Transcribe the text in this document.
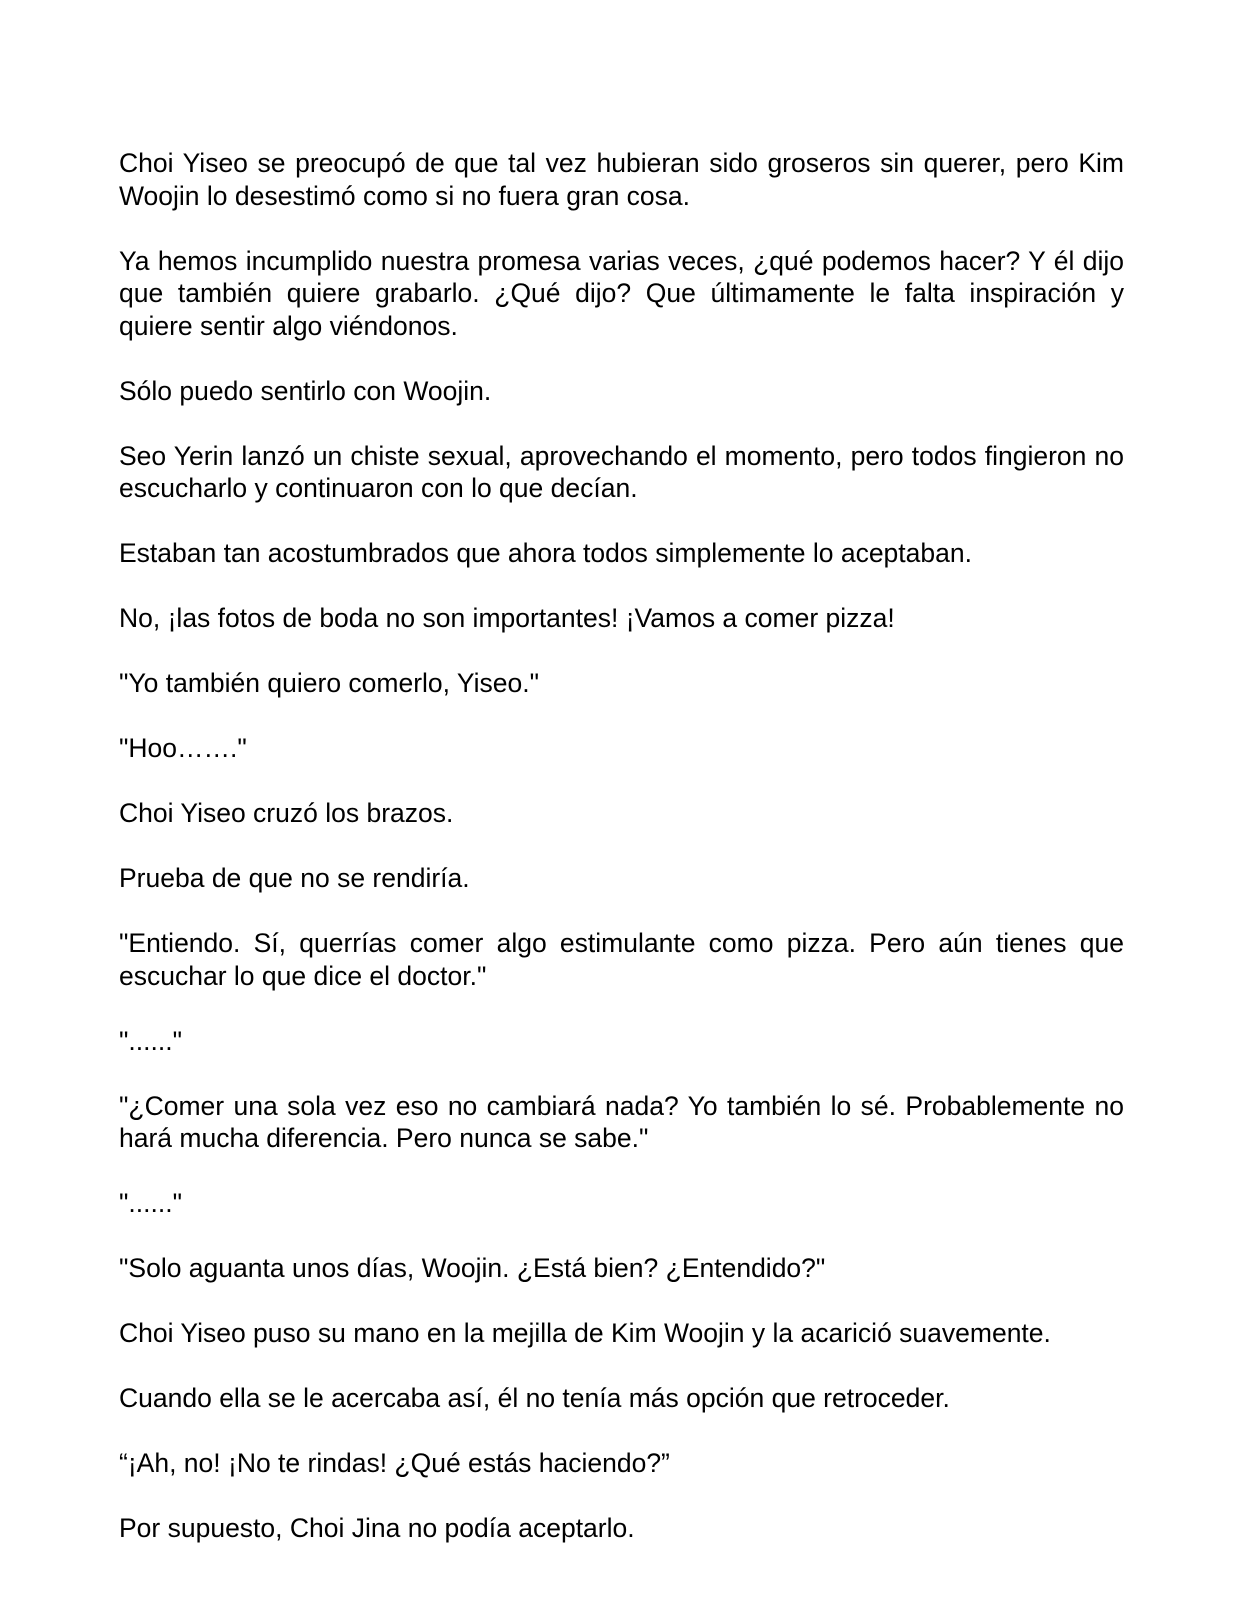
Choi Yiseo se preocupó de que tal vez hubieran sido groseros sin querer, pero Kim Woojin lo desestimó como si no fuera gran cosa.

Ya hemos incumplido nuestra promesa varias veces, ¿qué podemos hacer? Y él dijo que también quiere grabarlo. ¿Qué dijo? Que últimamente le falta inspiración y quiere sentir algo viéndonos.

Sólo puedo sentirlo con Woojin.

Seo Yerin lanzó un chiste sexual, aprovechando el momento, pero todos fingieron no escucharlo y continuaron con lo que decían.

Estaban tan acostumbrados que ahora todos simplemente lo aceptaban.

No, ¡las fotos de boda no son importantes! ¡Vamos a comer pizza!

"Yo también quiero comerlo, Yiseo."

"Hoo……."

Choi Yiseo cruzó los brazos.

Prueba de que no se rendiría.

"Entiendo. Sí, querrías comer algo estimulante como pizza. Pero aún tienes que escuchar lo que dice el doctor."

"......"

"¿Comer una sola vez eso no cambiará nada? Yo también lo sé. Probablemente no hará mucha diferencia. Pero nunca se sabe."

"......"

"Solo aguanta unos días, Woojin. ¿Está bien? ¿Entendido?"

Choi Yiseo puso su mano en la mejilla de Kim Woojin y la acarició suavemente.

Cuando ella se le acercaba así, él no tenía más opción que retroceder.

“¡Ah, no! ¡No te rindas! ¿Qué estás haciendo?”

Por supuesto, Choi Jina no podía aceptarlo.
